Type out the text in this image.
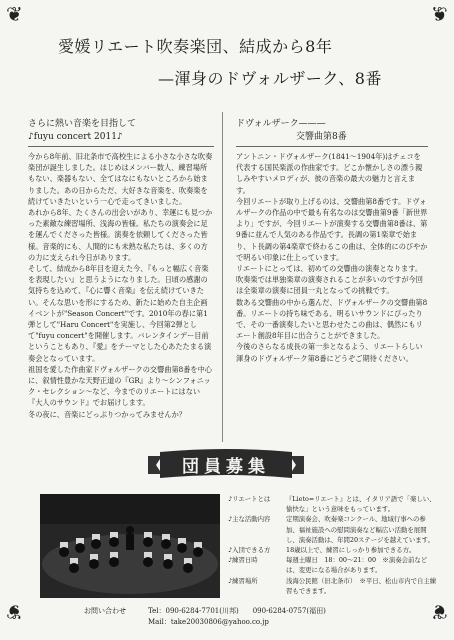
❦	❦
❦	❦
愛媛リエート吹奏楽団、結成から8年
—渾身のドヴォルザーク、8番
さらに熱い音楽を目指して
♪fuyu concert 2011♪

今から8年前、旧北条市で高校生による小さな小さな吹奏楽団が誕生しました。はじめはメンバー数人、練習場所もない、楽器もない、全てはなにもないところから始まりました。あの日からただ、大好きな音楽を、吹奏楽を続けていきたいという一心で走ってきいました。

あれから8年、たくさんの出会いがあり、幸運にも見つかった素敵な練習場所、浅海の皆様。私たちの演奏会に足を運んでくださった皆様。演奏を依頼してくださった皆様。音楽的にも、人間的にも未熟な私たちは、多くの方の力に支えられ今日があります。

そして、結成から8年目を迎えた今、『もっと幅広く音楽を表現したい』と思うようになりました。日頃の感謝の気持ちを込めて、『心に響く音楽』を伝え続けていきたい。そんな思いを形にするため、新たに始めた自主企画イベントが"Season Concert"です。2010年の春に第1弾として"Haru Concert"を実施し、今回第2弾として"fuyu concert"を開催します。バレンタインデー目前ということもあり、『愛』をテーマとした心あたたまる演奏会となっています。

祖国を愛した作曲家ドヴォルザークの交響曲第8番を中心に、叙情性豊かな天野正道の『GR』より～シンフォニック・セレクション～など、今までのリエートにはない『大人のサウンド』でお届けします。

冬の夜に、音楽にどっぷりつかってみませんか？

ドヴォルザーク———
交響曲第8番

アントニン・ドヴォルザーク(1841〜1904年)はチェコを代表する国民楽派の作曲家です。どこか懐かしさの漂う親しみやすいメロディが、彼の音楽の最大の魅力と言えます。

今回リエートが取り上げるのは、交響曲第8番です。ドヴォルザークの作品の中で最も有名なのは交響曲第9番「新世界より」ですが、今回リエートが演奏する交響曲第8番は、第9番に並んで人気のある作品です。長調の第1楽章で始まり、ト長調の第4楽章で終わるこの曲は、全体的にのびやかで明るい印象に仕上っています。

リエートにとっては、初めての交響曲の演奏となります。吹奏楽では単独楽章の演奏されることが多いのですが今回は全楽章の演奏に団員一丸となっての挑戦です。

数ある交響曲の中から選んだ、ドヴォルザークの交響曲第8番。リエートの持ち味である、明るいサウンドにぴったりで、その一番演奏したいと思わせたこの曲は、偶然にもリエート創設8年目に出合うことができました。

今後のさらなる成長の第一歩となるよう、リエートらしい渾身のドヴォルザーク第8番にどうぞご期待ください。

団員募集
♪リエートとは	『Lieto=リエート』とは、イタリア語で「楽しい、愉快な」という意味をもっています。
♪主な活動内容	定期演奏会、吹奏楽コンクール、地域行事への参加、福祉施設への慰問演奏など幅広い活動を展開し、演奏活動は、年間20ステージを越えています。
♪入団できる方	18歳以上で、練習にしっかり参加できる方。
♪練習日時	毎週土曜日　18：00〜21：00　※演奏会前などは、変更になる場合があります。
♪練習場所	浅海公民館（旧北条市）　※平日、松山市内で自主練習もできます。
お問い合わせ	Tel：090-6284-7701(川邦)　　090-6284-0757(福田)
Mail：take20030806@yahoo.co.jp
